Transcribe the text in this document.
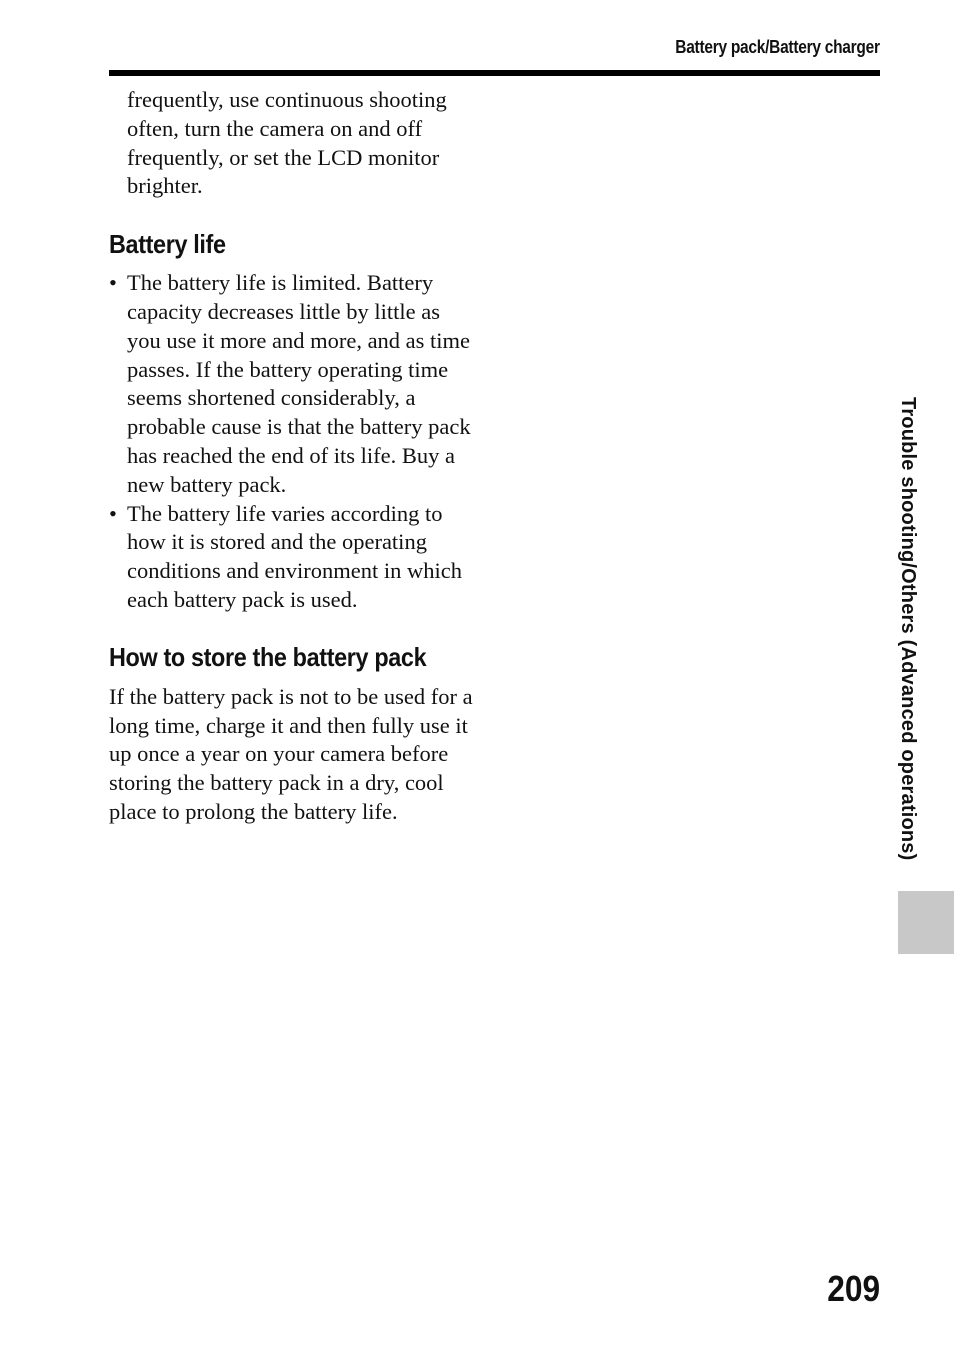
Battery pack/Battery charger

frequently, use continuous shooting
often, turn the camera on and off
frequently, or set the LCD monitor
brighter.

Battery life
• The battery life is limited. Battery capacity decreases little by little as you use it more and more, and as time passes. If the battery operating time seems shortened considerably, a probable cause is that the battery pack has reached the end of its life. Buy a new battery pack.
• The battery life varies according to how it is stored and the operating conditions and environment in which each battery pack is used.
How to store the battery pack

If the battery pack is not to be used for a long time, charge it and then fully use it up once a year on your camera before storing the battery pack in a dry, cool place to prolong the battery life.	Trouble shooting/Others (Advanced operations)
209
